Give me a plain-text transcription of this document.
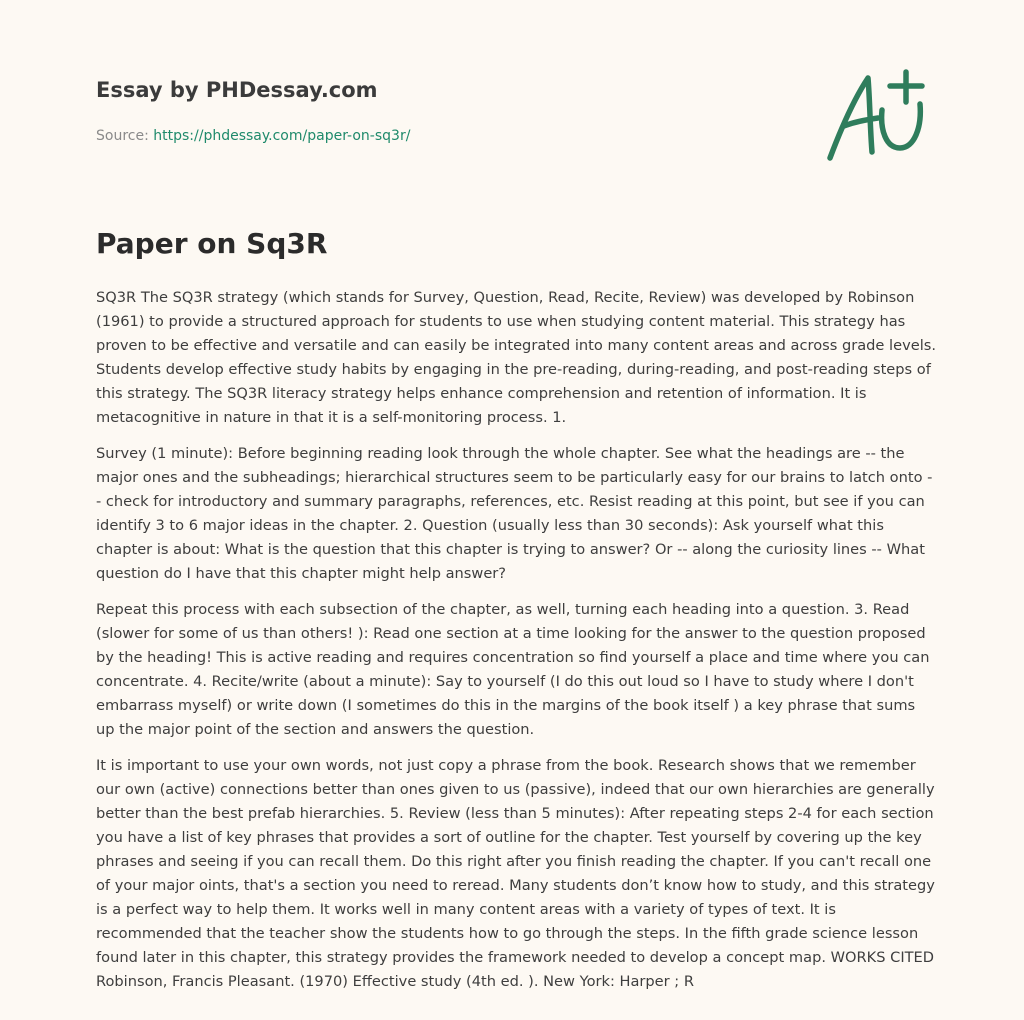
Essay by PHDessay.com
Source: https://phdessay.com/paper-on-sq3r/
Paper on Sq3R

SQ3R The SQ3R strategy (which stands for Survey, Question, Read, Recite, Review) was developed by Robinson (1961) to provide a structured approach for students to use when studying content material. This strategy has proven to be effective and versatile and can easily be integrated into many content areas and across grade levels. Students develop effective study habits by engaging in the pre-reading, during-reading, and post-reading steps of this strategy. The SQ3R literacy strategy helps enhance comprehension and retention of information. It is metacognitive in nature in that it is a self-monitoring process. 1.

Survey (1 minute): Before beginning reading look through the whole chapter. See what the headings are -- the major ones and the subheadings; hierarchical structures seem to be particularly easy for our brains to latch onto -- check for introductory and summary paragraphs, references, etc. Resist reading at this point, but see if you can identify 3 to 6 major ideas in the chapter. 2. Question (usually less than 30 seconds): Ask yourself what this chapter is about: What is the question that this chapter is trying to answer? Or -- along the curiosity lines -- What question do I have that this chapter might help answer?

Repeat this process with each subsection of the chapter, as well, turning each heading into a question. 3. Read (slower for some of us than others! ): Read one section at a time looking for the answer to the question proposed by the heading! This is active reading and requires concentration so find yourself a place and time where you can concentrate. 4. Recite/write (about a minute): Say to yourself (I do this out loud so I have to study where I don't embarrass myself) or write down (I sometimes do this in the margins of the book itself ) a key phrase that sums up the major point of the section and answers the question.

It is important to use your own words, not just copy a phrase from the book. Research shows that we remember our own (active) connections better than ones given to us (passive), indeed that our own hierarchies are generally better than the best prefab hierarchies. 5. Review (less than 5 minutes): After repeating steps 2-4 for each section you have a list of key phrases that provides a sort of outline for the chapter. Test yourself by covering up the key phrases and seeing if you can recall them. Do this right after you finish reading the chapter. If you can't recall one of your major oints, that's a section you need to reread. Many students don’t know how to study, and this strategy is a perfect way to help them. It works well in many content areas with a variety of types of text. It is recommended that the teacher show the students how to go through the steps. In the fifth grade science lesson found later in this chapter, this strategy provides the framework needed to develop a concept map. WORKS CITED Robinson, Francis Pleasant. (1970) Effective study (4th ed. ). New York: Harper ; R
